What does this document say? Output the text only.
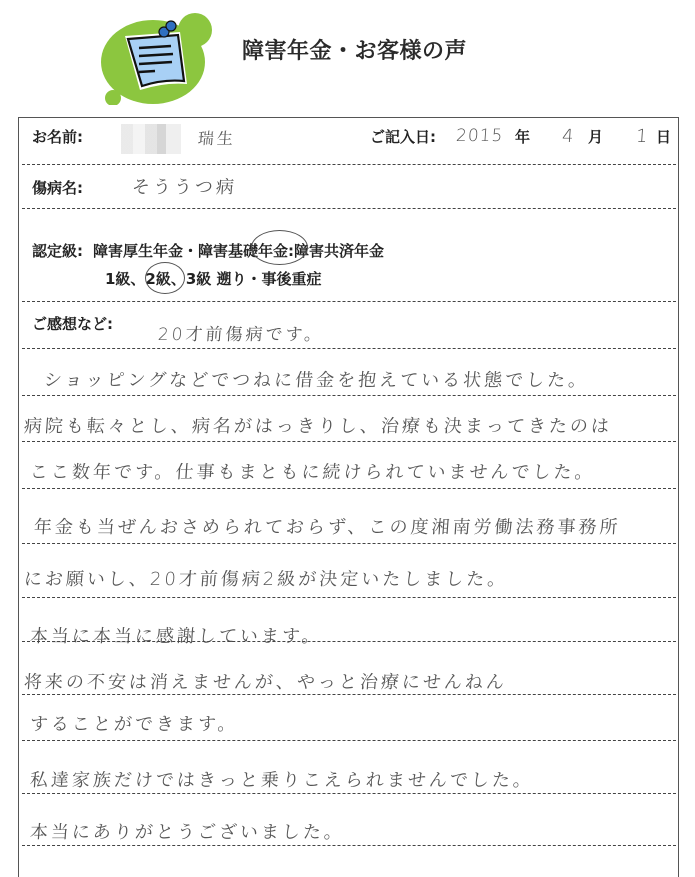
障害年金・お客様の声
お名前:	瑞生	ご記入日: 2015 年 4 月 1 日
傷病名:	そううつ病
認定級: 障害厚生年金・障害基礎年金:障害共済年金
1級、2級、3級 遡り・事後重症
ご感想など:
20才前傷病です。
ショッピングなどでつねに借金を抱えている状態でした。
病院も転々とし、病名がはっきりし、治療も決まってきたのは
ここ数年です。仕事もまともに続けられていませんでした。
年金も当ぜんおさめられておらず、この度湘南労働法務事務所
にお願いし、20才前傷病2級が決定いたしました。
本当に本当に感謝しています。
将来の不安は消えませんが、やっと治療にせんねん
することができます。
私達家族だけではきっと乗りこえられませんでした。
本当にありがとうございました。
